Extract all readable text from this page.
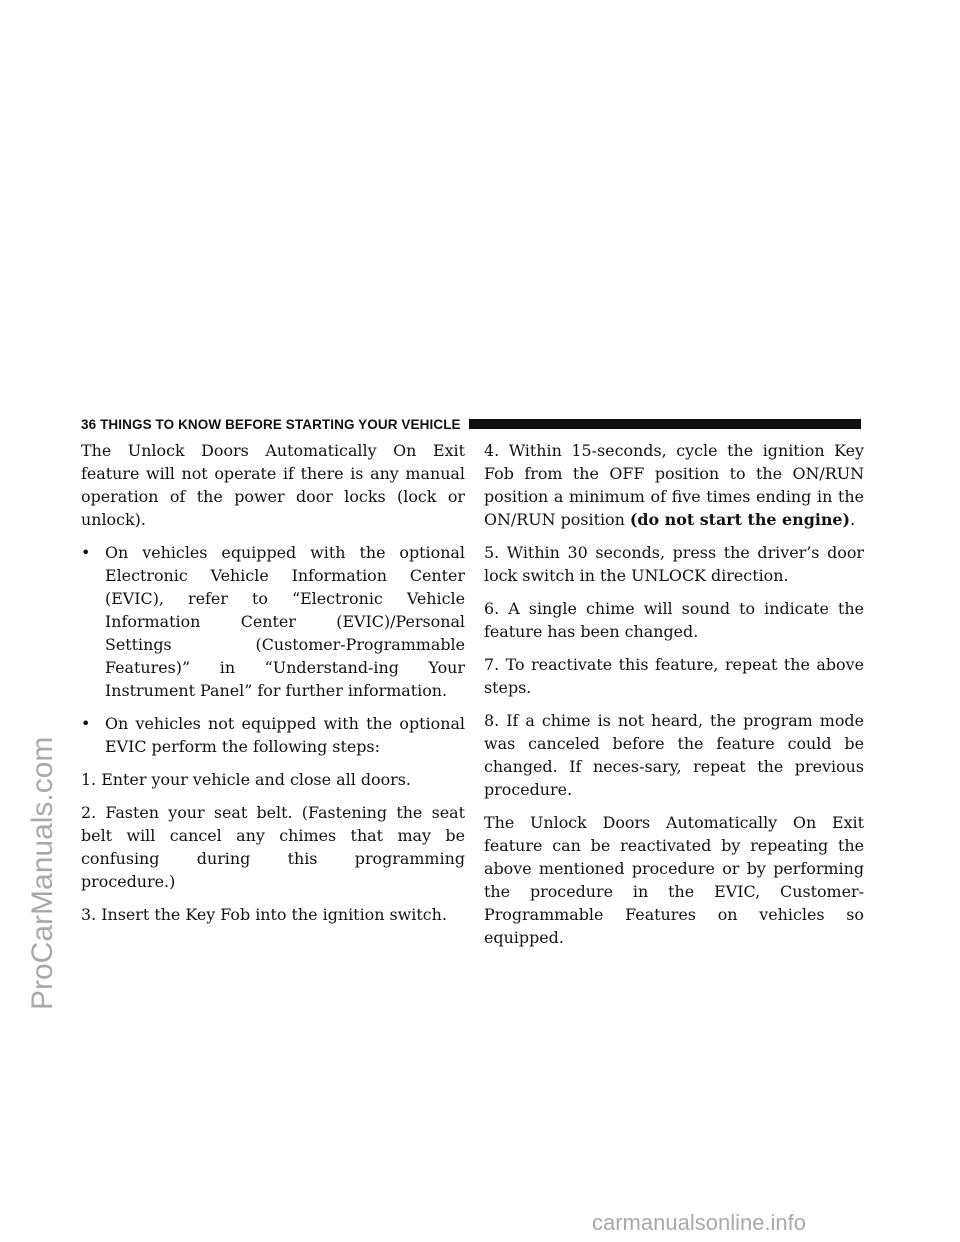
ProCarManuals.com
36 THINGS TO KNOW BEFORE STARTING YOUR VEHICLE

The Unlock Doors Automatically On Exit feature will not operate if there is any manual operation of the power door locks (lock or unlock).

• On vehicles equipped with the optional Electronic Vehicle Information Center (EVIC), refer to “Electronic Vehicle Information Center (EVIC)/Personal Settings (Customer-Programmable Features)” in “Understand-ing Your Instrument Panel” for further information.
• On vehicles not equipped with the optional EVIC perform the following steps:

1. Enter your vehicle and close all doors.

2. Fasten your seat belt. (Fastening the seat belt will cancel any chimes that may be confusing during this programming procedure.)

3. Insert the Key Fob into the ignition switch.

4. Within 15-seconds, cycle the ignition Key Fob from the OFF position to the ON/RUN position a minimum of five times ending in the ON/RUN position (do not start the engine).

5. Within 30 seconds, press the driver’s door lock switch in the UNLOCK direction.

6. A single chime will sound to indicate the feature has been changed.

7. To reactivate this feature, repeat the above steps.

8. If a chime is not heard, the program mode was canceled before the feature could be changed. If neces-sary, repeat the previous procedure.

The Unlock Doors Automatically On Exit feature can be reactivated by repeating the above mentioned procedure or by performing the procedure in the EVIC, Customer-Programmable Features on vehicles so equipped.

carmanualsonline.info
